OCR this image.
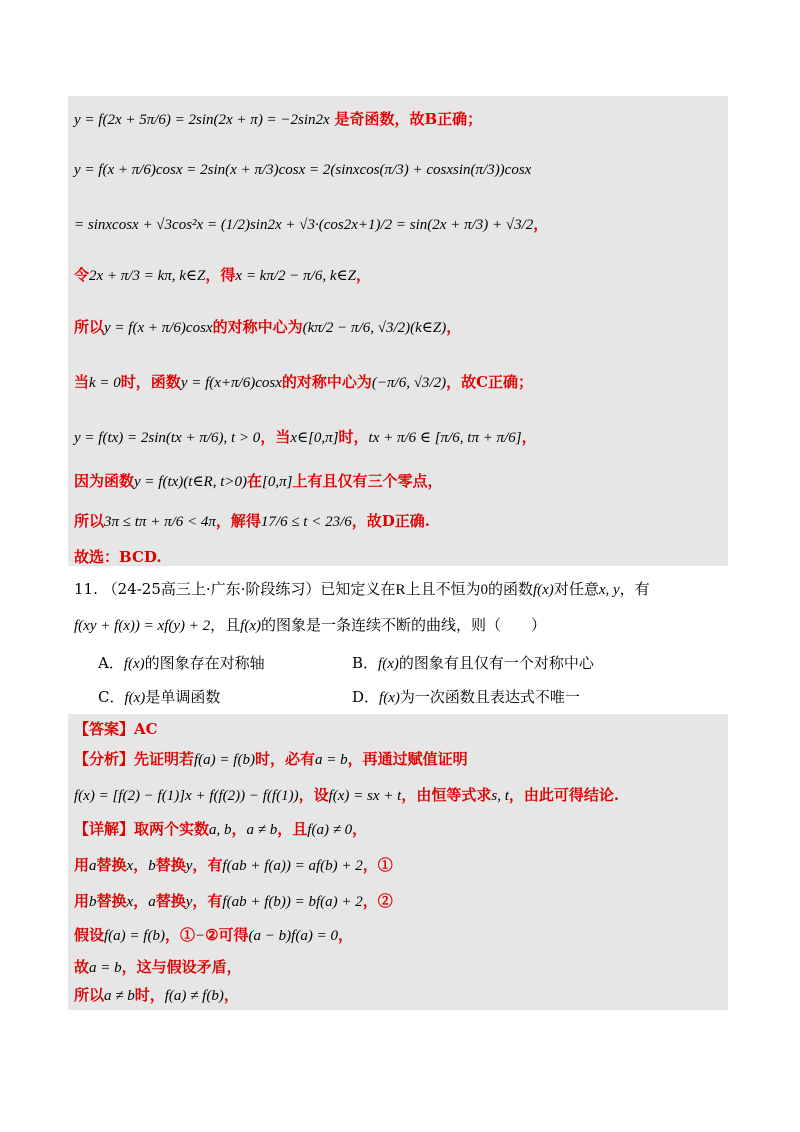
y = f(2x + 5π/6) = 2sin(2x + π) = −2sin2x 是奇函数，故B正确；
y = f(x + π/6)cosx = 2sin(x + π/3)cosx = 2(sinxcos(π/3) + cosxsin(π/3))cosx
= sinxcosx + √3cos²x = (1/2)sin2x + √3·(cos2x+1)/2 = sin(2x + π/3) + √3/2，
令2x + π/3 = kπ, k∈Z，得x = kπ/2 − π/6, k∈Z，
所以y = f(x + π/6)cosx的对称中心为(kπ/2 − π/6, √3/2)(k∈Z)，
当k = 0时，函数y = f(x+π/6)cosx的对称中心为(−π/6, √3/2)，故C正确；
y = f(tx) = 2sin(tx + π/6), t > 0，当x∈[0,π]时，tx + π/6 ∈ [π/6, tπ + π/6]，
因为函数y = f(tx)(t∈R, t>0)在[0,π]上有且仅有三个零点，
所以3π ≤ tπ + π/6 < 4π，解得17/6 ≤ t < 23/6，故D正确.
故选：BCD.
11. （24-25高三上·广东·阶段练习）已知定义在R上且不恒为0的函数f(x)对任意x, y，有
f(xy + f(x)) = xf(y) + 2，且f(x)的图象是一条连续不断的曲线，则（　　）
A．f(x)的图象存在对称轴	B．f(x)的图象有且仅有一个对称中心
C．f(x)是单调函数	D．f(x)为一次函数且表达式不唯一
【答案】AC
【分析】先证明若f(a) = f(b)时，必有a = b，再通过赋值证明
f(x) = [f(2) − f(1)]x + f(f(2)) − f(f(1))，设f(x) = sx + t，由恒等式求s, t，由此可得结论.
【详解】取两个实数a, b，a ≠ b，且f(a) ≠ 0，
用a替换x，b替换y，有f(ab + f(a)) = af(b) + 2，①
用b替换x，a替换y，有f(ab + f(b)) = bf(a) + 2，②
假设f(a) = f(b)，①−②可得(a − b)f(a) = 0，
故a = b，这与假设矛盾，
所以a ≠ b时，f(a) ≠ f(b)，
